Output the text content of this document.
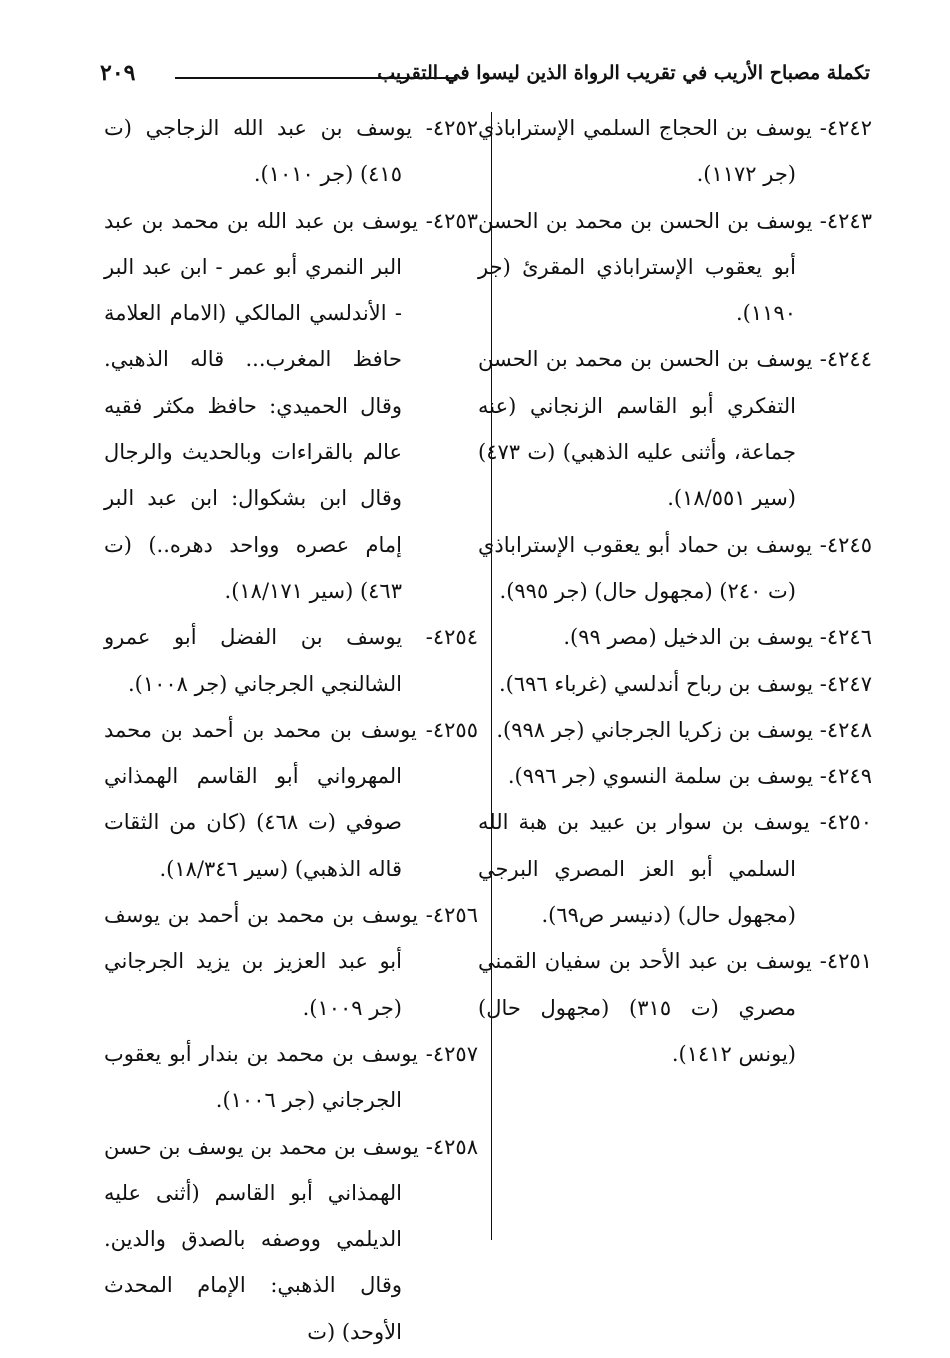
تكملة مصباح الأريب في تقريب الرواة الذين ليسوا في التقريب
٢٠٩

٤٢٤٢- يوسف بن الحجاج السلمي الإستراباذي (جر ١١٧٢).

٤٢٤٣- يوسف بن الحسن بن محمد بن الحسن أبو يعقوب الإستراباذي المقرئ (جر ١١٩٠).

٤٢٤٤- يوسف بن الحسن بن محمد بن الحسن التفكري أبو القاسم الزنجاني (عنه جماعة، وأثنى عليه الذهبي) (ت ٤٧٣) (سير ١٨/٥٥١).

٤٢٤٥- يوسف بن حماد أبو يعقوب الإستراباذي (ت ٢٤٠) (مجهول حال) (جر ٩٩٥).

٤٢٤٦- يوسف بن الدخيل (مصر ٩٩).

٤٢٤٧- يوسف بن رباح أندلسي (غرباء ٦٩٦).

٤٢٤٨- يوسف بن زكريا الجرجاني (جر ٩٩٨).

٤٢٤٩- يوسف بن سلمة النسوي (جر ٩٩٦).

٤٢٥٠- يوسف بن سوار بن عبيد بن هبة الله السلمي أبو العز المصري البرجي (مجهول حال) (دنيسر ص٦٩).

٤٢٥١- يوسف بن عبد الأحد بن سفيان القمني مصري (ت ٣١٥) (مجهول حال) (يونس ١٤١٢).

٤٢٥٢- يوسف بن عبد الله الزجاجي (ت ٤١٥) (جر ١٠١٠).

٤٢٥٣- يوسف بن عبد الله بن محمد بن عبد البر النمري أبو عمر - ابن عبد البر - الأندلسي المالكي (الامام العلامة حافظ المغرب... قاله الذهبي. وقال الحميدي: حافظ مكثر فقيه عالم بالقراءات وبالحديث والرجال وقال ابن بشكوال: ابن عبد البر إمام عصره وواحد دهره..) (ت ٤٦٣) (سير ١٨/١٧١).

٤٢٥٤- يوسف بن الفضل أبو عمرو الشالنجي الجرجاني (جر ١٠٠٨).

٤٢٥٥- يوسف بن محمد بن أحمد بن محمد المهرواني أبو القاسم الهمذاني صوفي (ت ٤٦٨) (كان من الثقات قاله الذهبي) (سير ١٨/٣٤٦).

٤٢٥٦- يوسف بن محمد بن أحمد بن يوسف أبو عبد العزيز بن يزيد الجرجاني (جر ١٠٠٩).

٤٢٥٧- يوسف بن محمد بن بندار أبو يعقوب الجرجاني (جر ١٠٠٦).

٤٢٥٨- يوسف بن محمد بن يوسف بن حسن الهمذاني أبو القاسم (أثنى عليه الديلمي ووصفه بالصدق والدين. وقال الذهبي: الإمام المحدث الأوحد) (ت
